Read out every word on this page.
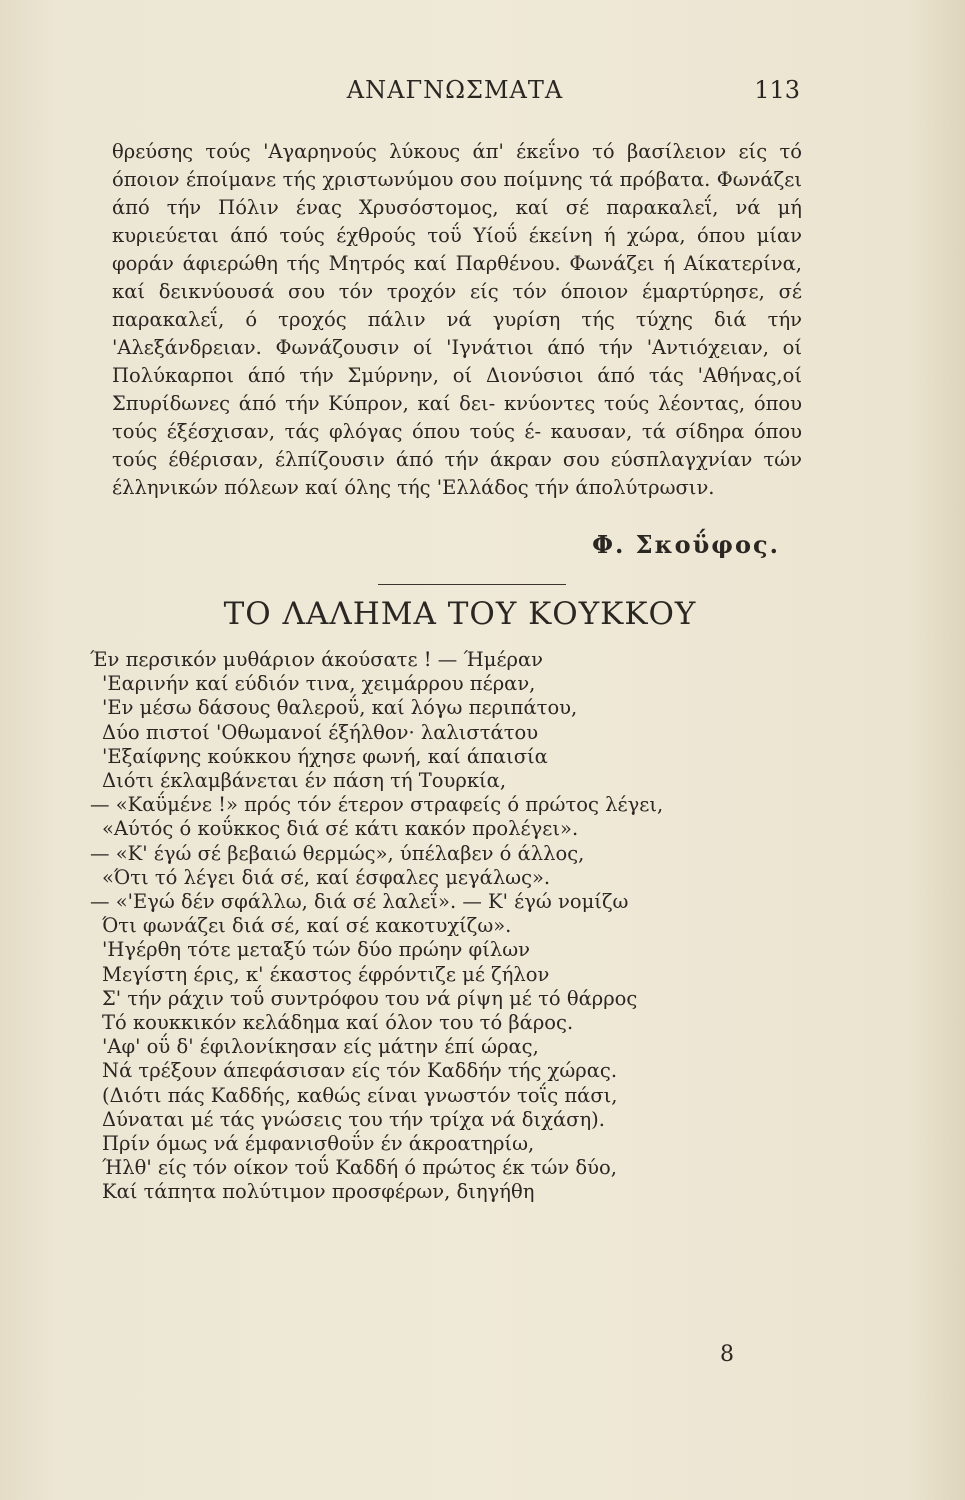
ΑΝΑΓΝΩΣΜΑΤΑ	113

θρεύσης τούς 'Αγαρηνούς λύκους άπ' έκεΐνο τό βασίλειον είς τό όποιον έποίμανε τής χριστωνύμου σου ποίμνης τά πρόβατα. Φωνάζει άπό τήν Πόλιν ένας Χρυσόστομος, καί σέ παρακαλεΐ, νά μή κυριεύεται άπό τούς έχθρούς τοΰ Υίοΰ έκείνη ή χώρα, όπου μίαν φοράν άφιερώθη τής Μητρός καί Παρθένου. Φωνάζει ή Αίκατερίνα, καί δεικνύουσά σου τόν τροχόν είς τόν όποιον έμαρτύρησε, σέ παρακαλεΐ, ό τροχός πάλιν νά γυρίση τής τύχης διά τήν 'Αλεξάνδρειαν. Φωνάζουσιν οί 'Ιγνάτιοι άπό τήν 'Αντιόχειαν, οί Πολύκαρποι άπό τήν Σμύρνην, οί Διονύσιοι άπό τάς 'Αθήνας,οί Σπυρίδωνες άπό τήν Κύπρον, καί δει- κνύοντες τούς λέοντας, όπου τούς έξέσχισαν, τάς φλόγας όπου τούς έ- καυσαν, τά σίδηρα όπου τούς έθέρισαν, έλπίζουσιν άπό τήν άκραν σου εύσπλαγχνίαν τών έλληνικών πόλεων καί όλης τής 'Ελλάδος τήν άπολύτρωσιν.

Φ. Σκοΰφος.
ΤΟ ΛΑΛΗΜΑ ΤΟΥ ΚΟΥΚΚΟΥ
Έν περσικόν μυθάριον άκούσατε ! — Ήμέραν
'Εαρινήν καί εύδιόν τινα, χειμάρρου πέραν,
'Εν μέσω δάσους θαλεροΰ, καί λόγω περιπάτου,
Δύο πιστοί 'Οθωμανοί έξήλθον· λαλιστάτου
'Εξαίφνης κούκκου ήχησε φωνή, καί άπαισία
Διότι έκλαμβάνεται έν πάση τή Τουρκία,
— «Καΰμένε !» πρός τόν έτερον στραφείς ό πρώτος λέγει,
«Αύτός ό κοΰκκος διά σέ κάτι κακόν προλέγει».
— «Κ' έγώ σέ βεβαιώ θερμώς», ύπέλαβεν ό άλλος,
«Ότι τό λέγει διά σέ, καί έσφαλες μεγάλως».
— «'Εγώ δέν σφάλλω, διά σέ λαλεΐ». — Κ' έγώ νομίζω
Ότι φωνάζει διά σέ, καί σέ κακοτυχίζω».
'Ηγέρθη τότε μεταξύ τών δύο πρώην φίλων
Μεγίστη έρις, κ' έκαστος έφρόντιζε μέ ζήλον
Σ' τήν ράχιν τοΰ συντρόφου του νά ρίψη μέ τό θάρρος
Τό κουκκικόν κελάδημα καί όλον του τό βάρος.
'Αφ' οΰ δ' έφιλονίκησαν είς μάτην έπί ώρας,
Νά τρέξουν άπεφάσισαν είς τόν Καδδήν τής χώρας.
(Διότι πάς Καδδής, καθώς είναι γνωστόν τοΐς πάσι,
Δύναται μέ τάς γνώσεις του τήν τρίχα νά διχάση).
Πρίν όμως νά έμφανισθοΰν έν άκροατηρίω,
Ήλθ' είς τόν οίκον τοΰ Καδδή ό πρώτος έκ τών δύο,
Καί τάπητα πολύτιμον προσφέρων, διηγήθη
8
